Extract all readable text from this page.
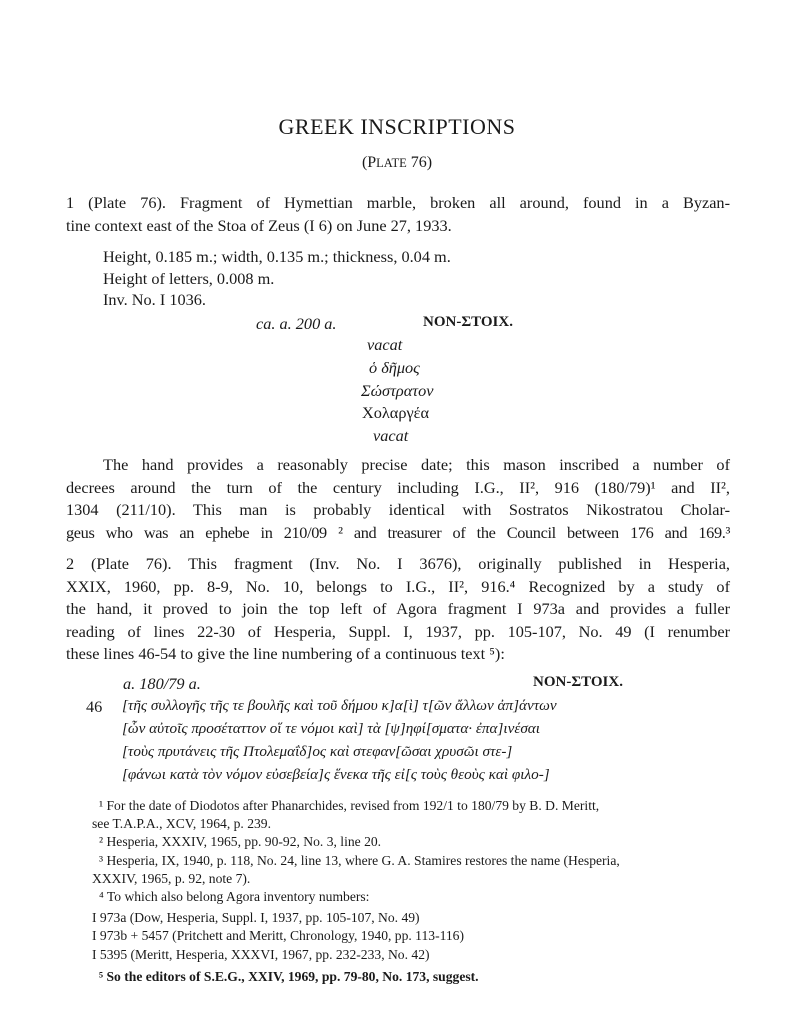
GREEK INSCRIPTIONS
(PLATE 76)
1 (Plate 76). Fragment of Hymettian marble, broken all around, found in a Byzan-
tine context east of the Stoa of Zeus (I 6) on June 27, 1933.
Height, 0.185 m.; width, 0.135 m.; thickness, 0.04 m.
Height of letters, 0.008 m.
Inv. No. I 1036.
ca. a. 200 a.	NON-ΣΤΟΙΧ.
vacat
ὁ δῆμος
Σώστρατον
Χολαργέα
vacat
The hand provides a reasonably precise date; this mason inscribed a number of
decrees around the turn of the century including I.G., II², 916 (180/79)¹ and II²,
1304 (211/10). This man is probably identical with Sostratos Nikostratou Cholar-
geus who was an ephebe in 210/09 ² and treasurer of the Council between 176 and 169.³
2 (Plate 76). This fragment (Inv. No. I 3676), originally published in Hesperia,
XXIX, 1960, pp. 8-9, No. 10, belongs to I.G., II², 916.⁴ Recognized by a study of
the hand, it proved to join the top left of Agora fragment I 973a and provides a fuller
reading of lines 22-30 of Hesperia, Suppl. I, 1937, pp. 105-107, No. 49 (I renumber
these lines 46-54 to give the line numbering of a continuous text ⁵):
a. 180/79 a.	NON-ΣΤΟΙΧ.
46 [τῆς συλλογῆς τῆς τε βουλῆς καὶ τοῦ δήμου κ]α[ὶ] τ[ῶν ἄλλων ἀπ]άντων
[ὧν αὐτοῖς προσέταττον οἵ τε νόμοι καὶ] τὰ [ψ]ηφί[σματα· ἐπα]ινέσαι
[τοὺς πρυτάνεις τῆς Πτολεμαΐδ]ος καὶ στεφαν[ῶσαι χρυσῶι στε-]
[φάνωι κατὰ τὸν νόμον εὐσεβεία]ς ἕνεκα τῆς εἰ[ς τοὺς θεοὺς καὶ φιλο-]
¹ For the date of Diodotos after Phanarchides, revised from 192/1 to 180/79 by B. D. Meritt,
see T.A.P.A., XCV, 1964, p. 239.
² Hesperia, XXXIV, 1965, pp. 90-92, No. 3, line 20.
³ Hesperia, IX, 1940, p. 118, No. 24, line 13, where G. A. Stamires restores the name (Hesperia,
XXXIV, 1965, p. 92, note 7).
⁴ To which also belong Agora inventory numbers:
I 973a (Dow, Hesperia, Suppl. I, 1937, pp. 105-107, No. 49)
I 973b + 5457 (Pritchett and Meritt, Chronology, 1940, pp. 113-116)
I 5395 (Meritt, Hesperia, XXXVI, 1967, pp. 232-233, No. 42)
⁵ So the editors of S.E.G., XXIV, 1969, pp. 79-80, No. 173, suggest.
